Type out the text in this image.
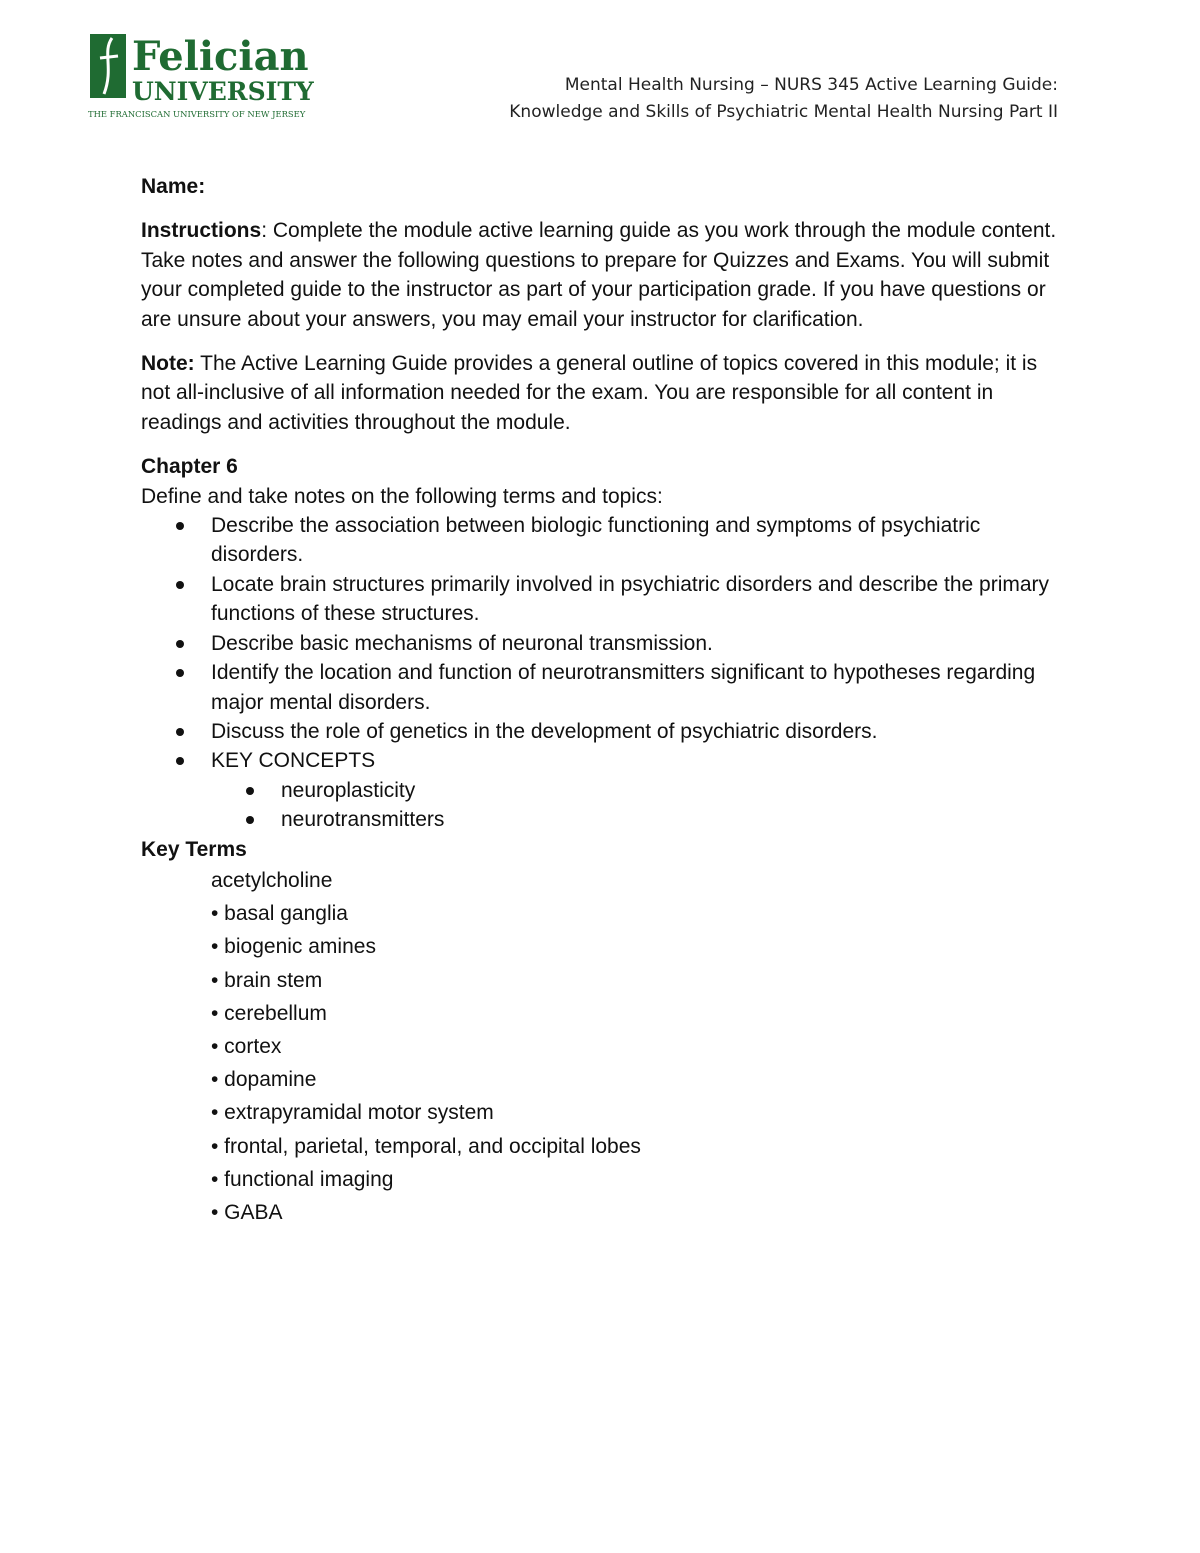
Felician
UNIVERSITY
THE FRANCISCAN UNIVERSITY OF NEW JERSEY
Mental Health Nursing – NURS 345 Active Learning Guide:
Knowledge and Skills of Psychiatric Mental Health Nursing Part II

Name:

Instructions: Complete the module active learning guide as you work through the module content. Take notes and answer the following questions to prepare for Quizzes and Exams. You will submit your completed guide to the instructor as part of your participation grade. If you have questions or are unsure about your answers, you may email your instructor for clarification.

Note: The Active Learning Guide provides a general outline of topics covered in this module; it is not all-inclusive of all information needed for the exam. You are responsible for all content in readings and activities throughout the module.

Chapter 6

Define and take notes on the following terms and topics:

Describe the association between biologic functioning and symptoms of psychiatric disorders.
Locate brain structures primarily involved in psychiatric disorders and describe the primary functions of these structures.
Describe basic mechanisms of neuronal transmission.
Identify the location and function of neurotransmitters significant to hypotheses regarding major mental disorders.
Discuss the role of genetics in the development of psychiatric disorders.
KEY CONCEPTS
neuroplasticity
neurotransmitters

Key Terms

acetylcholine
• basal ganglia
• biogenic amines
• brain stem
• cerebellum
• cortex
• dopamine
• extrapyramidal motor system
• frontal, parietal, temporal, and occipital lobes
• functional imaging
• GABA
